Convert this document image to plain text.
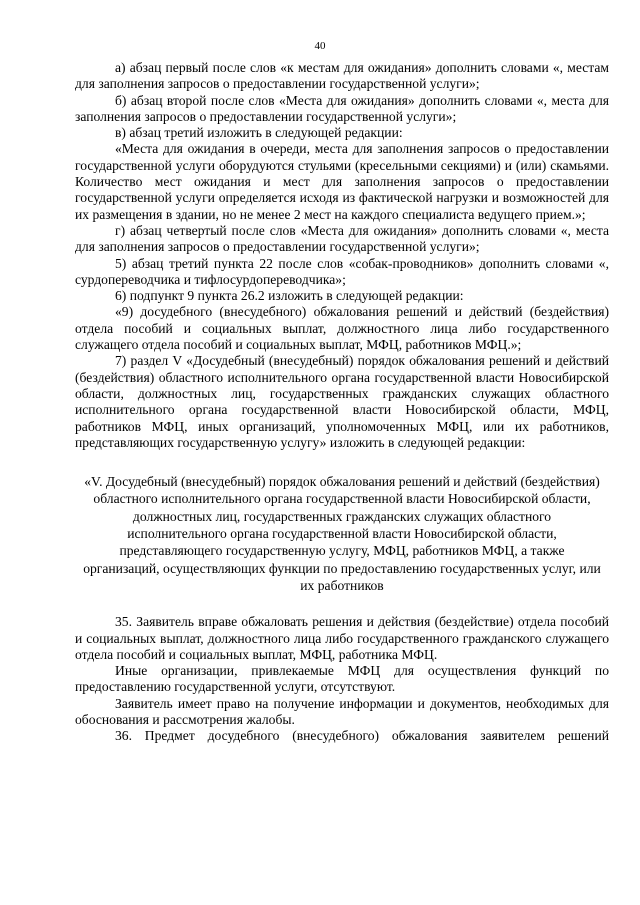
40

а) абзац первый после слов «к местам для ожидания» дополнить словами «, местам для заполнения запросов о предоставлении государственной услуги»;

б) абзац второй после слов «Места для ожидания» дополнить словами «, места для заполнения запросов о предоставлении государственной услуги»;

в) абзац третий изложить в следующей редакции:

«Места для ожидания в очереди, места для заполнения запросов о предоставлении государственной услуги оборудуются стульями (кресельными секциями) и (или) скамьями. Количество мест ожидания и мест для заполнения запросов о предоставлении государственной услуги определяется исходя из фактической нагрузки и возможностей для их размещения в здании, но не менее 2 мест на каждого специалиста ведущего прием.»;

г) абзац четвертый после слов «Места для ожидания» дополнить словами «, места для заполнения запросов о предоставлении государственной услуги»;

5) абзац третий пункта 22 после слов «собак-проводников» дополнить словами «, сурдопереводчика и тифлосурдопереводчика»;

6) подпункт 9 пункта 26.2 изложить в следующей редакции:

«9) досудебного (внесудебного) обжалования решений и действий (бездействия) отдела пособий и социальных выплат, должностного лица либо государственного служащего отдела пособий и социальных выплат, МФЦ, работников МФЦ.»;

7) раздел V «Досудебный (внесудебный) порядок обжалования решений и действий (бездействия) областного исполнительного органа государственной власти Новосибирской области, должностных лиц, государственных гражданских служащих областного исполнительного органа государственной власти Новосибирской области, МФЦ, работников МФЦ, иных организаций, уполномоченных МФЦ, или их работников, представляющих государственную услугу» изложить в следующей редакции:

«V. Досудебный (внесудебный) порядок обжалования решений и действий (бездействия) областного исполнительного органа государственной власти Новосибирской области, должностных лиц, государственных гражданских служащих областного исполнительного органа государственной власти Новосибирской области, представляющего государственную услугу, МФЦ, работников МФЦ, а также организаций, осуществляющих функции по предоставлению государственных услуг, или их работников

35. Заявитель вправе обжаловать решения и действия (бездействие) отдела пособий и социальных выплат, должностного лица либо государственного гражданского служащего отдела пособий и социальных выплат, МФЦ, работника МФЦ.

Иные организации, привлекаемые МФЦ для осуществления функций по предоставлению государственной услуги, отсутствуют.

Заявитель имеет право на получение информации и документов, необходимых для обоснования и рассмотрения жалобы.

36. Предмет досудебного (внесудебного) обжалования заявителем решений
